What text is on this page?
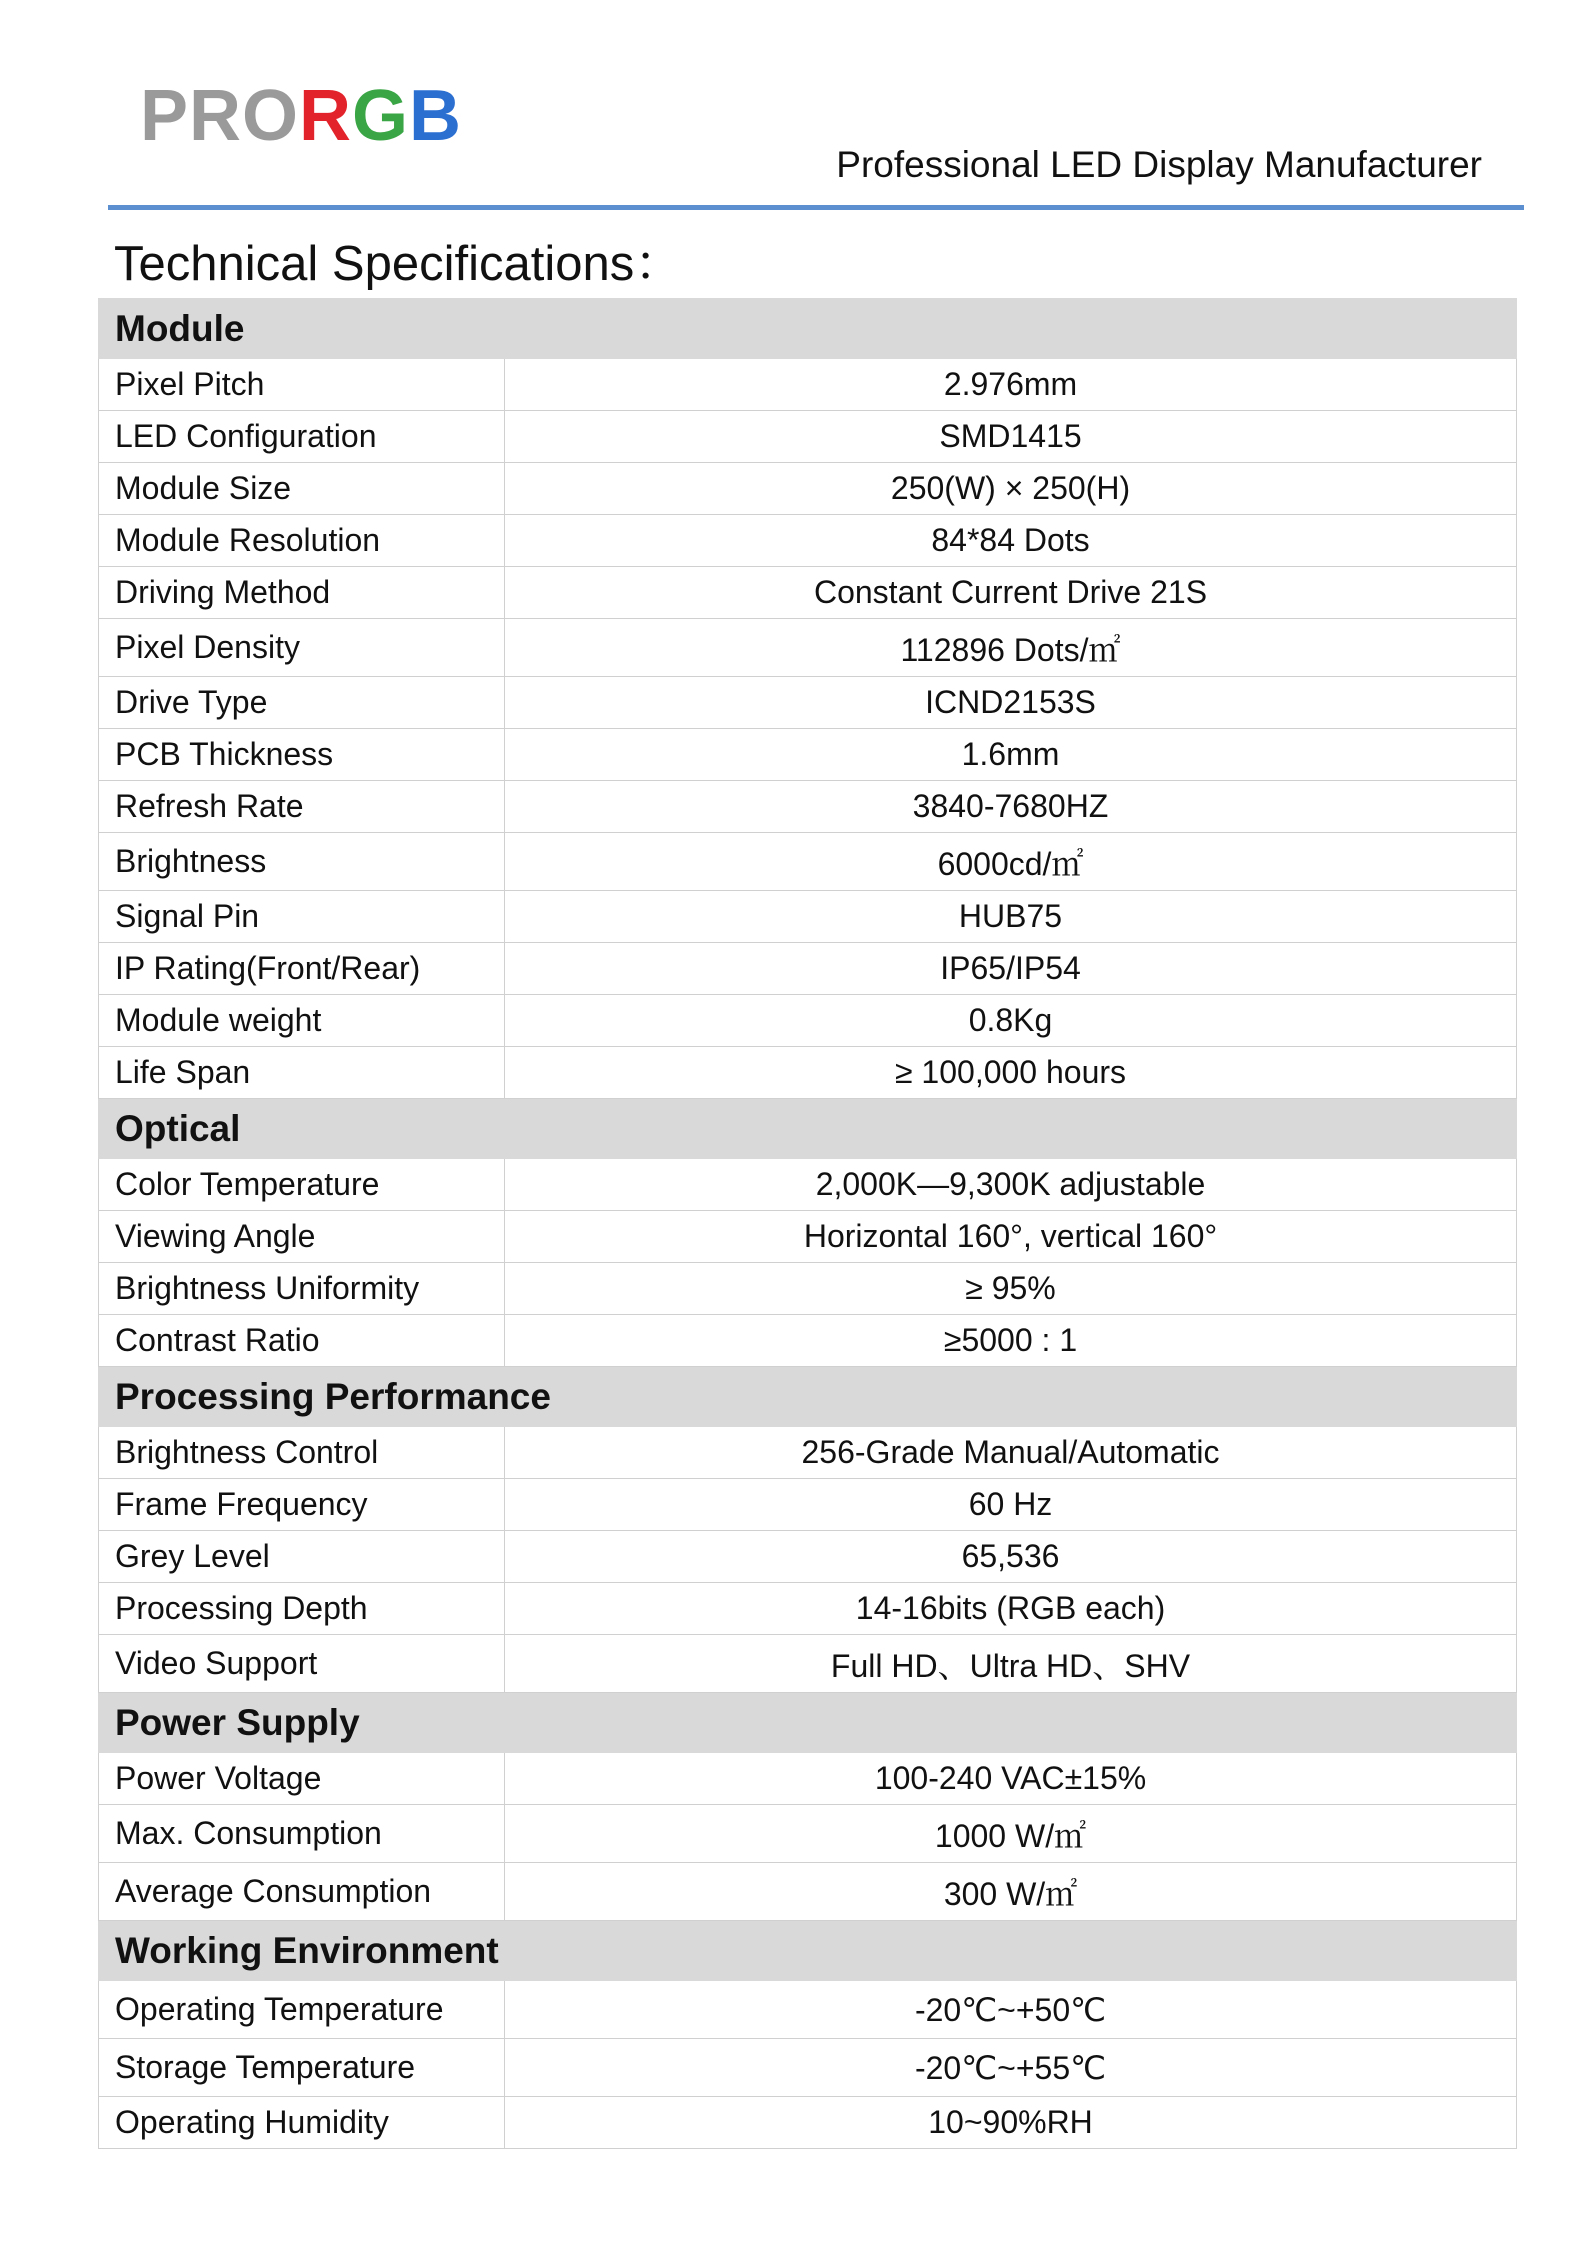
PRORGB
Professional LED Display Manufacturer
Technical Specifications：
Module	
Pixel Pitch	2.976mm
LED Configuration	SMD1415
Module Size	250(W) × 250(H)
Module Resolution	84*84 Dots
Driving Method	Constant Current Drive 21S
Pixel Density	112896 Dots/㎡
Drive Type	ICND2153S
PCB Thickness	1.6mm
Refresh Rate	3840-7680HZ
Brightness	6000cd/㎡
Signal Pin	HUB75
IP Rating(Front/Rear)	IP65/IP54
Module weight	0.8Kg
Life Span	≥ 100,000 hours
Optical	
Color Temperature	2,000K—9,300K adjustable
Viewing Angle	Horizontal 160°, vertical 160°
Brightness Uniformity	≥ 95%
Contrast Ratio	≥5000 : 1
Processing Performance	
Brightness Control	256-Grade Manual/Automatic
Frame Frequency	60 Hz
Grey Level	65,536
Processing Depth	14-16bits (RGB each)
Video Support	Full HD、Ultra HD、SHV
Power Supply	
Power Voltage	100-240 VAC±15%
Max. Consumption	1000 W/㎡
Average Consumption	300 W/㎡
Working Environment	
Operating Temperature	-20℃~+50℃
Storage Temperature	-20℃~+55℃
Operating Humidity	10~90%RH
